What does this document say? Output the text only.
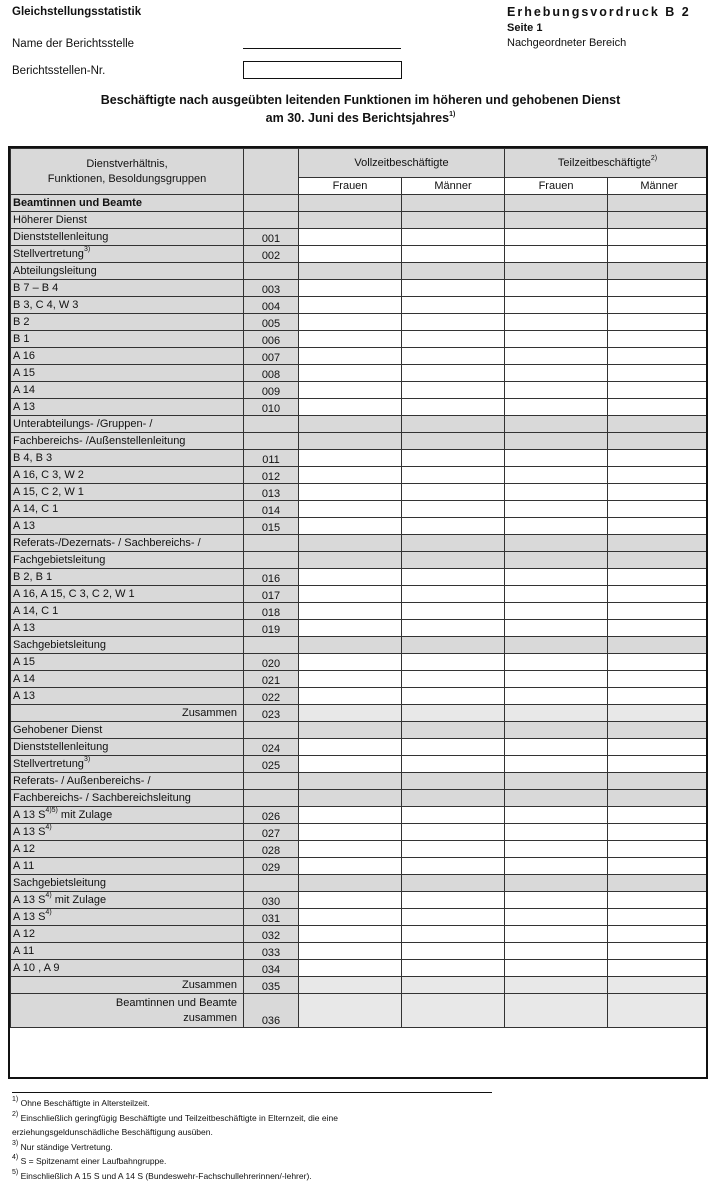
Gleichstellungsstatistik
Name der Berichtsstelle
Berichtsstellen-Nr.
Erhebungsvordruck B 2
Seite 1
Nachgeordneter Bereich
Beschäftigte nach ausgeübten leitenden Funktionen im höheren und gehobenen Dienst
am 30. Juni des Berichtsjahres$^{1)}$
Dienstverhältnis,
Funktionen, Besoldungsgruppen		Vollzeitbeschäftigte		Teilzeitbeschäftigte$^{2)}$
		Frauen	Männer	Frauen	Männer
Beamtinnen und Beamte					
Höherer Dienst					
Dienststellenleitung	001				
Stellvertretung$^{3)}$	002				
Abteilungsleitung					
B 7 – B 4	003				
B 3, C 4, W 3	004				
B 2	005				
B 1	006				
A 16	007				
A 15	008				
A 14	009				
A 13	010				
Unterabteilungs- /Gruppen- /					
Fachbereichs- /Außenstellenleitung					
B 4, B 3	011				
A 16, C 3, W 2	012				
A 15, C 2, W 1	013				
A 14, C 1	014				
A 13	015				
Referats-/Dezernats- / Sachbereichs- /					
Fachgebietsleitung					
B 2, B 1	016				
A 16, A 15, C 3, C 2, W 1	017				
A 14, C 1	018				
A 13	019				
Sachgebietsleitung					
A 15	020				
A 14	021				
A 13	022				
Zusammen	023				
Gehobener Dienst					
Dienststellenleitung	024				
Stellvertretung$^{3)}$	025				
Referats- / Außenbereichs- /					
Fachbereichs- / Sachbereichsleitung					
A 13 $S^{4)5)}$ mit Zulage	026				
A 13 $S^{4)}$	027				
A 12	028				
A 11	029				
Sachgebietsleitung					
A 13 $S^{4)}$ mit Zulage	030				
A 13 $S^{4)}$	031				
A 12	032				
A 11	033				
A 10 , A 9	034				
Zusammen	035				

Beamtinnen und Beamte
zusammen	036				
$^{1)}$ Ohne Beschäftigte in Altersteilzeit.
$^{2)}$ Einschließlich geringfügig Beschäftigte und Teilzeitbeschäftigte in Elternzeit, die eine
erziehungsgeldunschädliche Beschäftigung ausüben.
$^{3)}$ Nur ständige Vertretung.
$^{4)}$ S = Spitzenamt einer Laufbahngruppe.
$^{5)}$ Einschließlich A 15 S und A 14 S (Bundeswehr-Fachschullehrerinnen/-lehrer).
